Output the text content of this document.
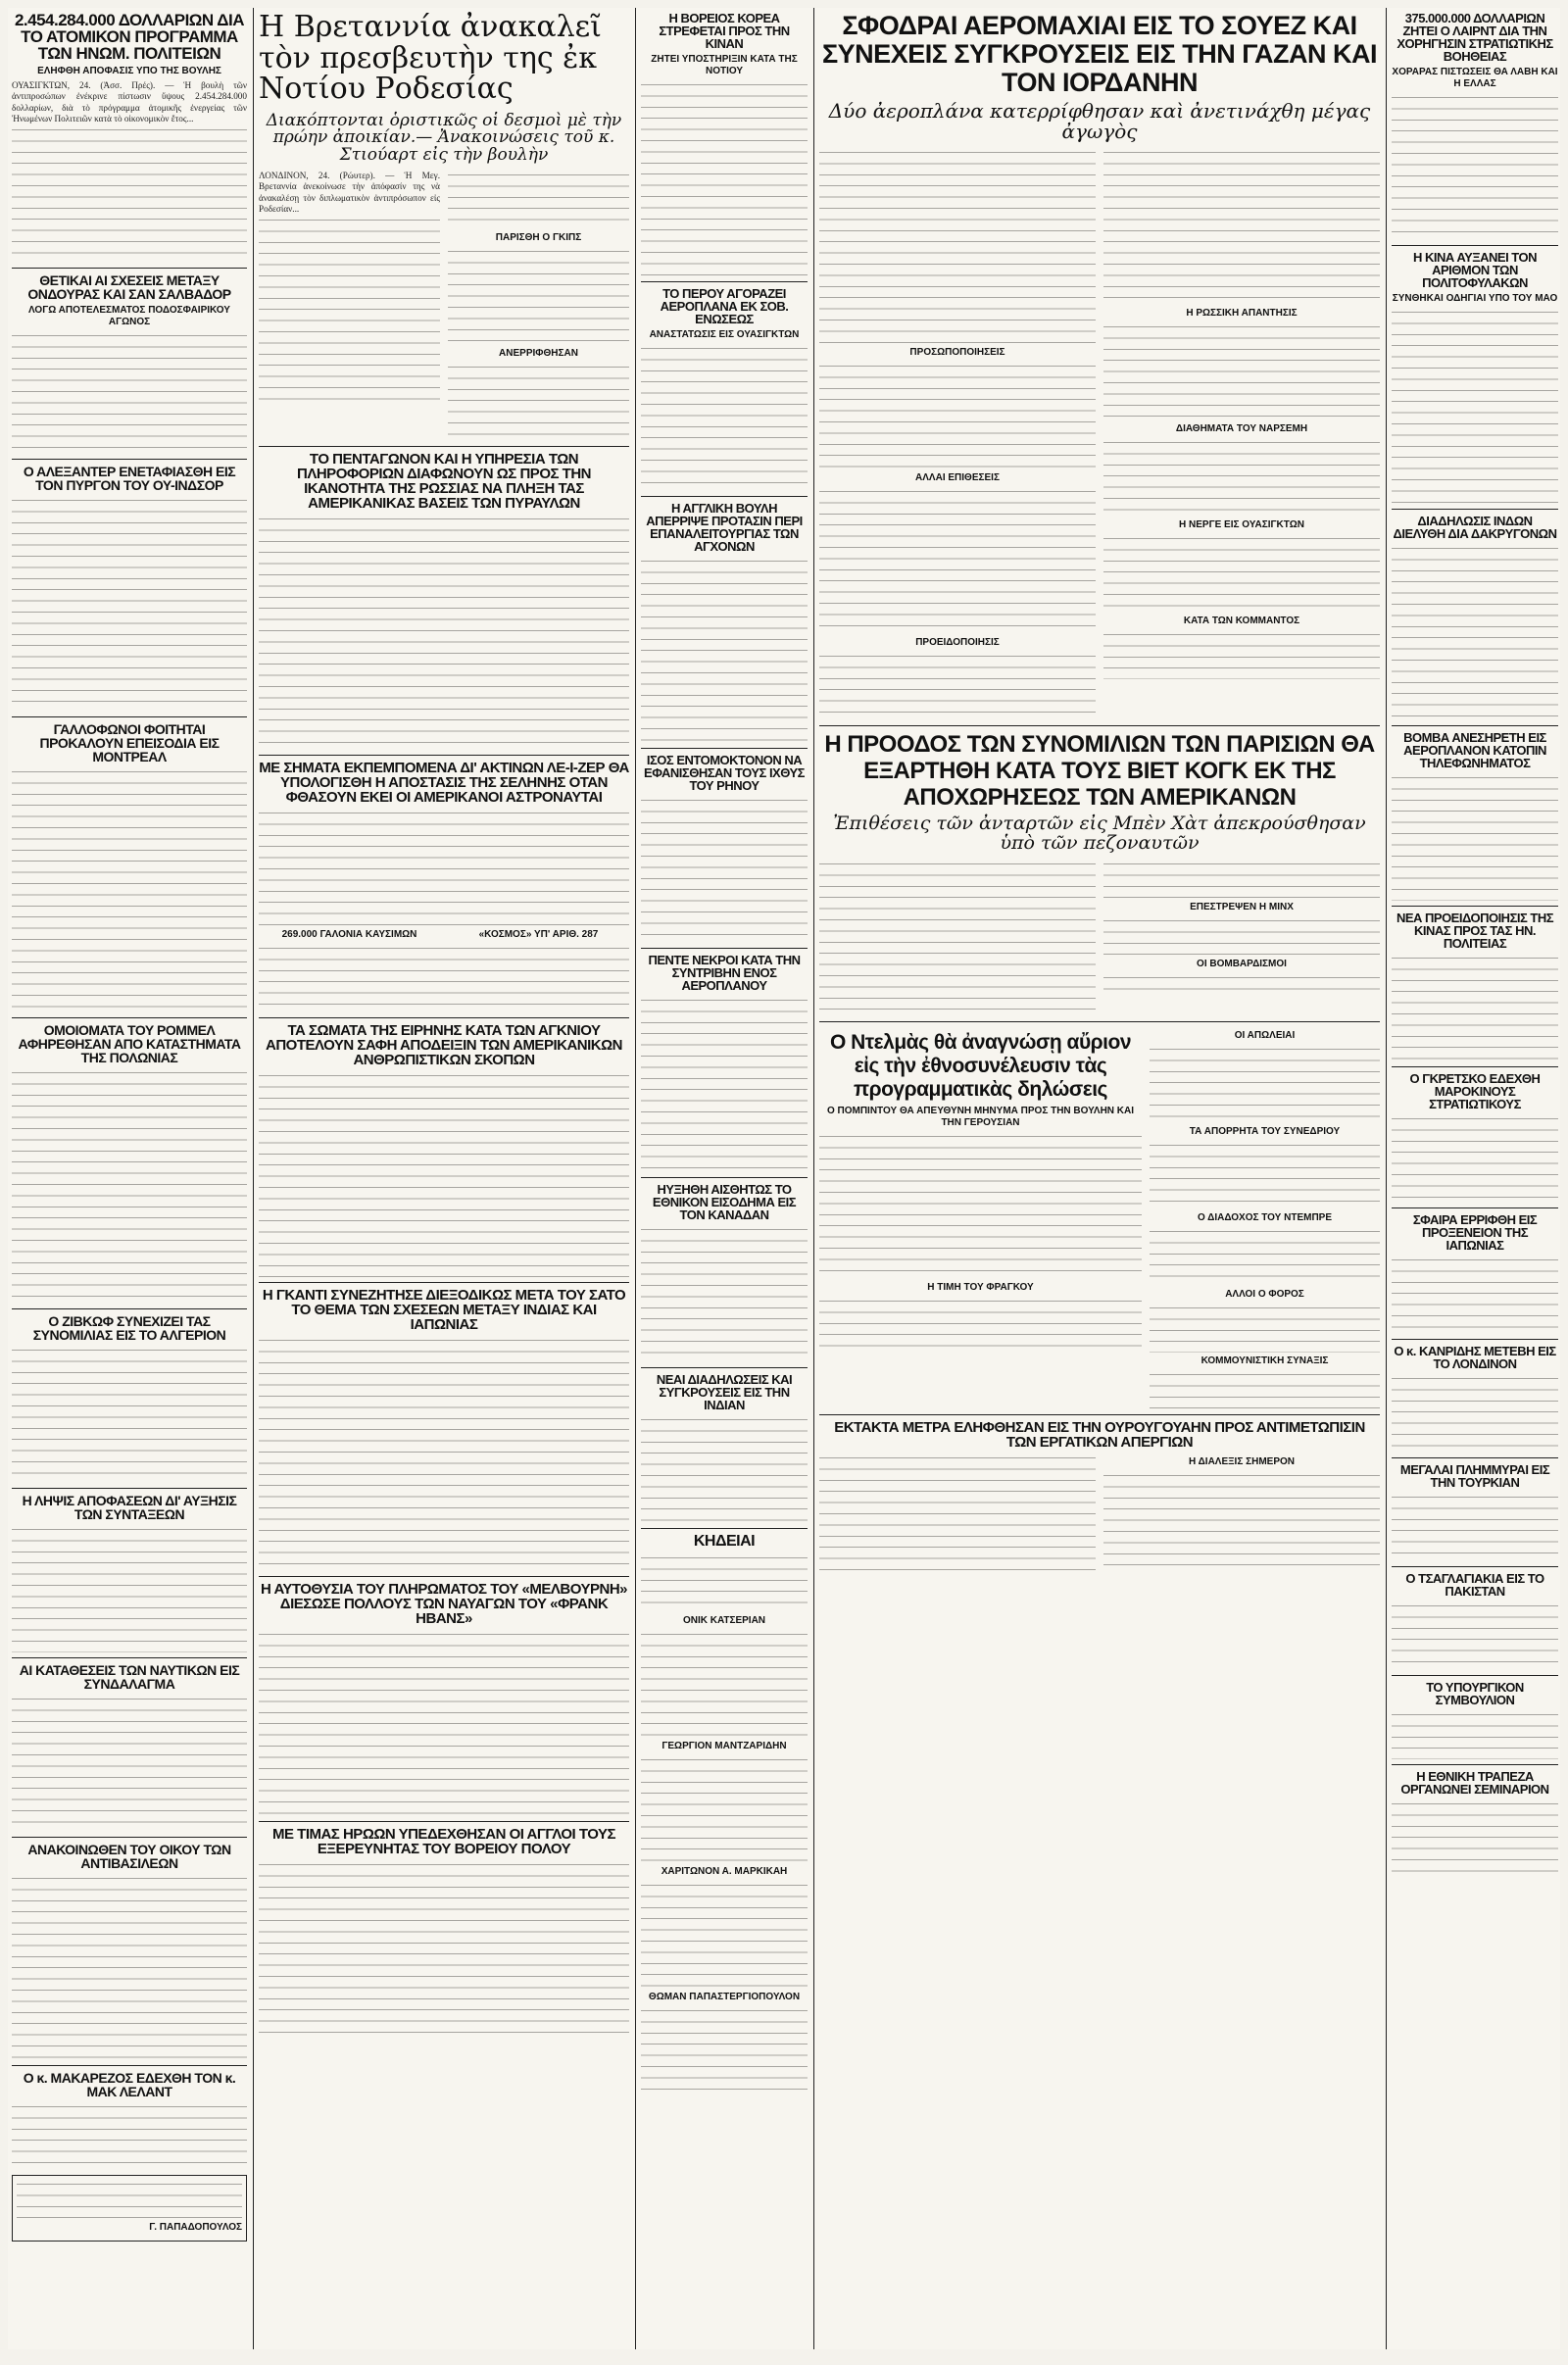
2.454.284.000 ΔΟΛΛΑΡΙΩΝ ΔΙΑ ΤΟ ΑΤΟΜΙΚΟΝ ΠΡΟΓΡΑΜΜΑ ΤΩΝ ΗΝΩΜ. ΠΟΛΙΤΕΙΩΝ
ΕΛΗΦΘΗ ΑΠΟΦΑΣΙΣ ΥΠΟ ΤΗΣ ΒΟΥΛΗΣ

ΟΥΑΣΙΓΚΤΩΝ, 24. (Ἀσσ. Πρές). — Ἡ βουλὴ τῶν ἀντιπροσώπων ἐνέκρινε πίστωσιν ὕψους 2.454.284.000 δολλαρίων, διὰ τὸ πρόγραμμα ἀτομικῆς ἐνεργείας τῶν Ἡνωμένων Πολιτειῶν κατὰ τὸ οἰκονομικὸν ἔτος...

ΘΕΤΙΚΑΙ ΑΙ ΣΧΕΣΕΙΣ ΜΕΤΑΞΥ ΟΝΔΟΥΡΑΣ ΚΑΙ ΣΑΝ ΣΑΛΒΑΔΟΡ
ΛΟΓΩ ΑΠΟΤΕΛΕΣΜΑΤΟΣ ΠΟΔΟΣΦΑΙΡΙΚΟΥ ΑΓΩΝΟΣ
Ο ΑΛΕΞΑΝΤΕΡ ΕΝΕΤΑΦΙΑΣΘΗ ΕΙΣ ΤΟΝ ΠΥΡΓΟΝ ΤΟΥ ΟΥ-ΙΝΔΣΟΡ
ΓΑΛΛΟΦΩΝΟΙ ΦΟΙΤΗΤΑΙ ΠΡΟΚΑΛΟΥΝ ΕΠΕΙΣΟΔΙΑ ΕΙΣ ΜΟΝΤΡΕΑΛ
ΟΜΟΙΟΜΑΤΑ ΤΟΥ ΡΟΜΜΕΛ ΑΦΗΡΕΘΗΣΑΝ ΑΠΟ ΚΑΤΑΣΤΗΜΑΤΑ ΤΗΣ ΠΟΛΩΝΙΑΣ
Ο ΖΙΒΚΩΦ ΣΥΝΕΧΙΖΕΙ ΤΑΣ ΣΥΝΟΜΙΛΙΑΣ ΕΙΣ ΤΟ ΑΛΓΕΡΙΟΝ
Η ΛΗΨΙΣ ΑΠΟΦΑΣΕΩΝ ΔΙ' ΑΥΞΗΣΙΣ ΤΩΝ ΣΥΝΤΑΞΕΩΝ
ΑΙ ΚΑΤΑΘΕΣΕΙΣ ΤΩΝ ΝΑΥΤΙΚΩΝ ΕΙΣ ΣΥΝΔΑΛΑΓΜΑ
ΑΝΑΚΟΙΝΩΘΕΝ ΤΟΥ ΟΙΚΟΥ ΤΩΝ ΑΝΤΙΒΑΣΙΛΕΩΝ
Ο κ. ΜΑΚΑΡΕΖΟΣ ΕΔΕΧΘΗ ΤΟΝ κ. ΜΑΚ ΛΕΛΑΝΤ
Γ. ΠΑΠΑΔΟΠΟΥΛΟΣ
Η Βρεταννία ἀνακαλεῖ τὸν πρεσβευτὴν της ἐκ Νοτίου Ροδεσίας
Διακόπτονται ὁριστικῶς οἱ δεσμοὶ μὲ τὴν πρώην ἀποικίαν.— Ἀνακοινώσεις τοῦ κ. Στιούαρτ εἰς τὴν βουλὴν

ΛΟΝΔΙΝΟΝ, 24. (Ρώυτερ). — Ἡ Μεγ. Βρεταννία ἀνεκοίνωσε τὴν ἀπόφασίν της νὰ ἀνακαλέσῃ τὸν διπλωματικὸν ἀντιπρόσωπον εἰς Ροδεσίαν...

ΠΑΡΙΣΘΗ Ο ΓΚΙΠΣ
ΑΝΕΡΡΙΦΘΗΣΑΝ
ΤΟ ΠΕΝΤΑΓΩΝΟΝ ΚΑΙ Η ΥΠΗΡΕΣΙΑ ΤΩΝ ΠΛΗΡΟΦΟΡΙΩΝ ΔΙΑΦΩΝΟΥΝ ΩΣ ΠΡΟΣ ΤΗΝ ΙΚΑΝΟΤΗΤΑ ΤΗΣ ΡΩΣΣΙΑΣ ΝΑ ΠΛΗΞΗ ΤΑΣ ΑΜΕΡΙΚΑΝΙΚΑΣ ΒΑΣΕΙΣ ΤΩΝ ΠΥΡΑΥΛΩΝ
ΜΕ ΣΗΜΑΤΑ ΕΚΠΕΜΠΟΜΕΝΑ ΔΙ' ΑΚΤΙΝΩΝ ΛΕ-Ι-ΖΕΡ ΘΑ ΥΠΟΛΟΓΙΣΘΗ Η ΑΠΟΣΤΑΣΙΣ ΤΗΣ ΣΕΛΗΝΗΣ ΟΤΑΝ ΦΘΑΣΟΥΝ ΕΚΕΙ ΟΙ ΑΜΕΡΙΚΑΝΟΙ ΑΣΤΡΟΝΑΥΤΑΙ
269.000 ΓΑΛΟΝΙΑ ΚΑΥΣΙΜΩΝ	«ΚΟΣΜΟΣ» ΥΠ' ΑΡΙΘ. 287
ΤΑ ΣΩΜΑΤΑ ΤΗΣ ΕΙΡΗΝΗΣ ΚΑΤΑ ΤΩΝ ΑΓΚΝΙΟΥ ΑΠΟΤΕΛΟΥΝ ΣΑΦΗ ΑΠΟΔΕΙΞΙΝ ΤΩΝ ΑΜΕΡΙΚΑΝΙΚΩΝ ΑΝΘΡΩΠΙΣΤΙΚΩΝ ΣΚΟΠΩΝ
Η ΓΚΑΝΤΙ ΣΥΝΕΖΗΤΗΣΕ ΔΙΕΞΟΔΙΚΩΣ ΜΕΤΑ ΤΟΥ ΣΑΤΟ ΤΟ ΘΕΜΑ ΤΩΝ ΣΧΕΣΕΩΝ ΜΕΤΑΞΥ ΙΝΔΙΑΣ ΚΑΙ ΙΑΠΩΝΙΑΣ
Η ΑΥΤΟΘΥΣΙΑ ΤΟΥ ΠΛΗΡΩΜΑΤΟΣ ΤΟΥ «ΜΕΛΒΟΥΡΝΗ» ΔΙΕΣΩΣΕ ΠΟΛΛΟΥΣ ΤΩΝ ΝΑΥΑΓΩΝ ΤΟΥ «ΦΡΑΝΚ ΗΒΑΝΣ»
ΜΕ ΤΙΜΑΣ ΗΡΩΩΝ ΥΠΕΔΕΧΘΗΣΑΝ ΟΙ ΑΓΓΛΟΙ ΤΟΥΣ ΕΞΕΡΕΥΝΗΤΑΣ ΤΟΥ ΒΟΡΕΙΟΥ ΠΟΛΟΥ
Η ΒΟΡΕΙΟΣ ΚΟΡΕΑ ΣΤΡΕΦΕΤΑΙ ΠΡΟΣ ΤΗΝ ΚΙΝΑΝ
ΖΗΤΕΙ ΥΠΟΣΤΗΡΙΞΙΝ ΚΑΤΑ ΤΗΣ ΝΟΤΙΟΥ
ΤΟ ΠΕΡΟΥ ΑΓΟΡΑΖΕΙ ΑΕΡΟΠΛΑΝΑ ΕΚ ΣΟΒ. ΕΝΩΣΕΩΣ
ΑΝΑΣΤΑΤΩΣΙΣ ΕΙΣ ΟΥΑΣΙΓΚΤΩΝ
Η ΑΓΓΛΙΚΗ ΒΟΥΛΗ ΑΠΕΡΡΙΨΕ ΠΡΟΤΑΣΙΝ ΠΕΡΙ ΕΠΑΝΑΛΕΙΤΟΥΡΓΙΑΣ ΤΩΝ ΑΓΧΟΝΩΝ
ΙΣΟΣ ΕΝΤΟΜΟΚΤΟΝΟΝ ΝΑ ΕΦΑΝΙΣΘΗΣΑΝ ΤΟΥΣ ΙΧΘΥΣ ΤΟΥ ΡΗΝΟΥ
ΠΕΝΤΕ ΝΕΚΡΟΙ ΚΑΤΑ ΤΗΝ ΣΥΝΤΡΙΒΗΝ ΕΝΟΣ ΑΕΡΟΠΛΑΝΟΥ
ΗΥΞΗΘΗ ΑΙΣΘΗΤΩΣ ΤΟ ΕΘΝΙΚΟΝ ΕΙΣΟΔΗΜΑ ΕΙΣ ΤΟΝ ΚΑΝΑΔΑΝ
ΝΕΑΙ ΔΙΑΔΗΛΩΣΕΙΣ ΚΑΙ ΣΥΓΚΡΟΥΣΕΙΣ ΕΙΣ ΤΗΝ ΙΝΔΙΑΝ
ΚΗΔΕΙΑΙ
ΟΝΙΚ ΚΑΤΣΕΡΙΑΝ
ΓΕΩΡΓΙΟΝ ΜΑΝΤΖΑΡΙΔΗΝ
ΧΑΡΙΤΩΝΟΝ Α. ΜΑΡΚΙΚΑΗ
ΘΩΜΑΝ ΠΑΠΑΣΤΕΡΓΙΟΠΟΥΛΟΝ
ΣΦΟΔΡΑΙ ΑΕΡΟΜΑΧΙΑΙ ΕΙΣ ΤΟ ΣΟΥΕΖ ΚΑΙ ΣΥΝΕΧΕΙΣ ΣΥΓΚΡΟΥΣΕΙΣ ΕΙΣ ΤΗΝ ΓΑΖΑΝ ΚΑΙ ΤΟΝ ΙΟΡΔΑΝΗΝ
Δύο ἀεροπλάνα κατερρίφθησαν καὶ ἀνετινάχθη μέγας ἀγωγὸς
ΠΡΟΣΩΠΟΠΟΙΗΣΕΙΣ
ΑΛΛΑΙ ΕΠΙΘΕΣΕΙΣ
ΠΡΟΕΙΔΟΠΟΙΗΣΙΣ
Η ΡΩΣΣΙΚΗ ΑΠΑΝΤΗΣΙΣ
ΔΙΑΘΗΜΑΤΑ ΤΟΥ ΝΑΡΣΕΜΗ
Η ΝΕΡΓΕ ΕΙΣ ΟΥΑΣΙΓΚΤΩΝ
ΚΑΤΑ ΤΩΝ ΚΟΜΜΑΝΤΟΣ
Η ΠΡΟΟΔΟΣ ΤΩΝ ΣΥΝΟΜΙΛΙΩΝ ΤΩΝ ΠΑΡΙΣΙΩΝ ΘΑ ΕΞΑΡΤΗΘΗ ΚΑΤΑ ΤΟΥΣ ΒΙΕΤ ΚΟΓΚ ΕΚ ΤΗΣ ΑΠΟΧΩΡΗΣΕΩΣ ΤΩΝ ΑΜΕΡΙΚΑΝΩΝ
Ἐπιθέσεις τῶν ἀνταρτῶν εἰς Μπὲν Χὰτ ἀπεκρούσθησαν ὑπὸ τῶν πεζοναυτῶν
ΕΠΕΣΤΡΕΨΕΝ Η ΜΙΝΧ
ΟΙ ΒΟΜΒΑΡΔΙΣΜΟΙ
Ο Ντελμὰς θὰ ἀναγνώσῃ αὔριον εἰς τὴν ἐθνοσυνέλευσιν τὰς προγραμματικὰς δηλώσεις
Ο ΠΟΜΠΙΝΤΟΥ ΘΑ ΑΠΕΥΘΥΝΗ ΜΗΝΥΜΑ ΠΡΟΣ ΤΗΝ ΒΟΥΛΗΝ ΚΑΙ ΤΗΝ ΓΕΡΟΥΣΙΑΝ
Η ΤΙΜΗ ΤΟΥ ΦΡΑΓΚΟΥ
ΟΙ ΑΠΩΛΕΙΑΙ
ΤΑ ΑΠΟΡΡΗΤΑ ΤΟΥ ΣΥΝΕΔΡΙΟΥ
Ο ΔΙΑΔΟΧΟΣ ΤΟΥ ΝΤΕΜΠΡΕ
ΑΛΛΟΙ Ο ΦΟΡΟΣ
ΚΟΜΜΟΥΝΙΣΤΙΚΗ ΣΥΝΑΞΙΣ
ΕΚΤΑΚΤΑ ΜΕΤΡΑ ΕΛΗΦΘΗΣΑΝ ΕΙΣ ΤΗΝ ΟΥΡΟΥΓΟΥΑΗΝ ΠΡΟΣ ΑΝΤΙΜΕΤΩΠΙΣΙΝ ΤΩΝ ΕΡΓΑΤΙΚΩΝ ΑΠΕΡΓΙΩΝ
Η ΔΙΑΛΕΞΙΣ ΣΗΜΕΡΟΝ
375.000.000 ΔΟΛΛΑΡΙΩΝ ΖΗΤΕΙ Ο ΛΑΙΡΝΤ ΔΙΑ ΤΗΝ ΧΟΡΗΓΗΣΙΝ ΣΤΡΑΤΙΩΤΙΚΗΣ ΒΟΗΘΕΙΑΣ
ΧΟΡΑΡΑΣ ΠΙΣΤΩΣΕΙΣ ΘΑ ΛΑΒΗ ΚΑΙ Η ΕΛΛΑΣ
Η ΚΙΝΑ ΑΥΞΑΝΕΙ ΤΟΝ ΑΡΙΘΜΟΝ ΤΩΝ ΠΟΛΙΤΟΦΥΛΑΚΩΝ
ΣΥΝΘΗΚΑΙ ΟΔΗΓΙΑΙ ΥΠΟ ΤΟΥ ΜΑΟ
ΔΙΑΔΗΛΩΣΙΣ ΙΝΔΩΝ ΔΙΕΛΥΘΗ ΔΙΑ ΔΑΚΡΥΓΟΝΩΝ
ΒΟΜΒΑ ΑΝΕΣΗΡΕΤΗ ΕΙΣ ΑΕΡΟΠΛΑΝΟΝ ΚΑΤΟΠΙΝ ΤΗΛΕΦΩΝΗΜΑΤΟΣ
ΝΕΑ ΠΡΟΕΙΔΟΠΟΙΗΣΙΣ ΤΗΣ ΚΙΝΑΣ ΠΡΟΣ ΤΑΣ ΗΝ. ΠΟΛΙΤΕΙΑΣ
Ο ΓΚΡΕΤΣΚΟ ΕΔΕΧΘΗ ΜΑΡΟΚΙΝΟΥΣ ΣΤΡΑΤΙΩΤΙΚΟΥΣ
ΣΦΑΙΡΑ ΕΡΡΙΦΘΗ ΕΙΣ ΠΡΟΞΕΝΕΙΟΝ ΤΗΣ ΙΑΠΩΝΙΑΣ
Ο κ. ΚΑΝΡΙΔΗΣ ΜΕΤΕΒΗ ΕΙΣ ΤΟ ΛΟΝΔΙΝΟΝ
ΜΕΓΑΛΑΙ ΠΛΗΜΜΥΡΑΙ ΕΙΣ ΤΗΝ ΤΟΥΡΚΙΑΝ
Ο ΤΣΑΓΛΑΓΙΑΚΙΑ ΕΙΣ ΤΟ ΠΑΚΙΣΤΑΝ
ΤΟ ΥΠΟΥΡΓΙΚΟΝ ΣΥΜΒΟΥΛΙΟΝ
Η ΕΘΝΙΚΗ ΤΡΑΠΕΖΑ ΟΡΓΑΝΩΝΕΙ ΣΕΜΙΝΑΡΙΟΝ
